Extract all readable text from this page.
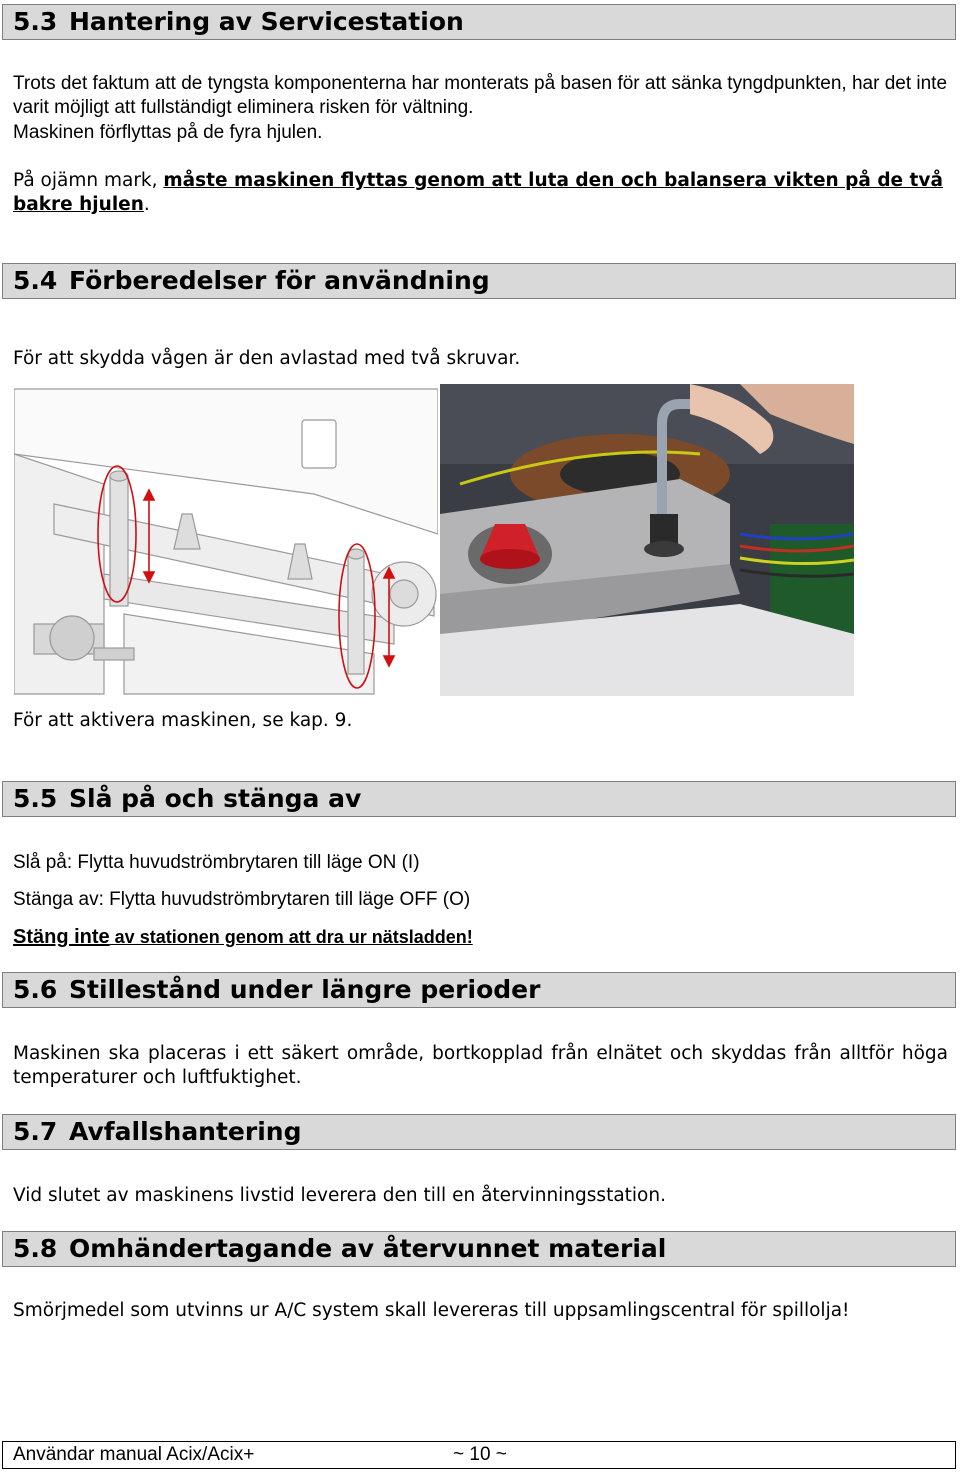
5.3 Hantering av Servicestation
Trots det faktum att de tyngsta komponenterna har monterats på basen för att sänka tyngdpunkten, har det inte varit möjligt att fullständigt eliminera risken för vältning.
Maskinen förflyttas på de fyra hjulen.
På ojämn mark, måste maskinen flyttas genom att luta den och balansera vikten på de två bakre hjulen.
5.4 Förberedelser för användning
För att skydda vågen är den avlastad med två skruvar.
För att aktivera maskinen, se kap. 9.
5.5 Slå på och stänga av
Slå på: Flytta huvudströmbrytaren till läge ON (I)
Stänga av: Flytta huvudströmbrytaren till läge OFF (O)
Stäng inte av stationen genom att dra ur nätsladden!
5.6 Stillestånd under längre perioder
Maskinen ska placeras i ett säkert område, bortkopplad från elnätet och skyddas från alltför höga temperaturer och luftfuktighet.
5.7 Avfallshantering
Vid slutet av maskinens livstid leverera den till en återvinningsstation.
5.8 Omhändertagande av återvunnet material
Smörjmedel som utvinns ur A/C system skall levereras till uppsamlingscentral för spillolja!
Användar manual Acix/Acix+	~ 10 ~
